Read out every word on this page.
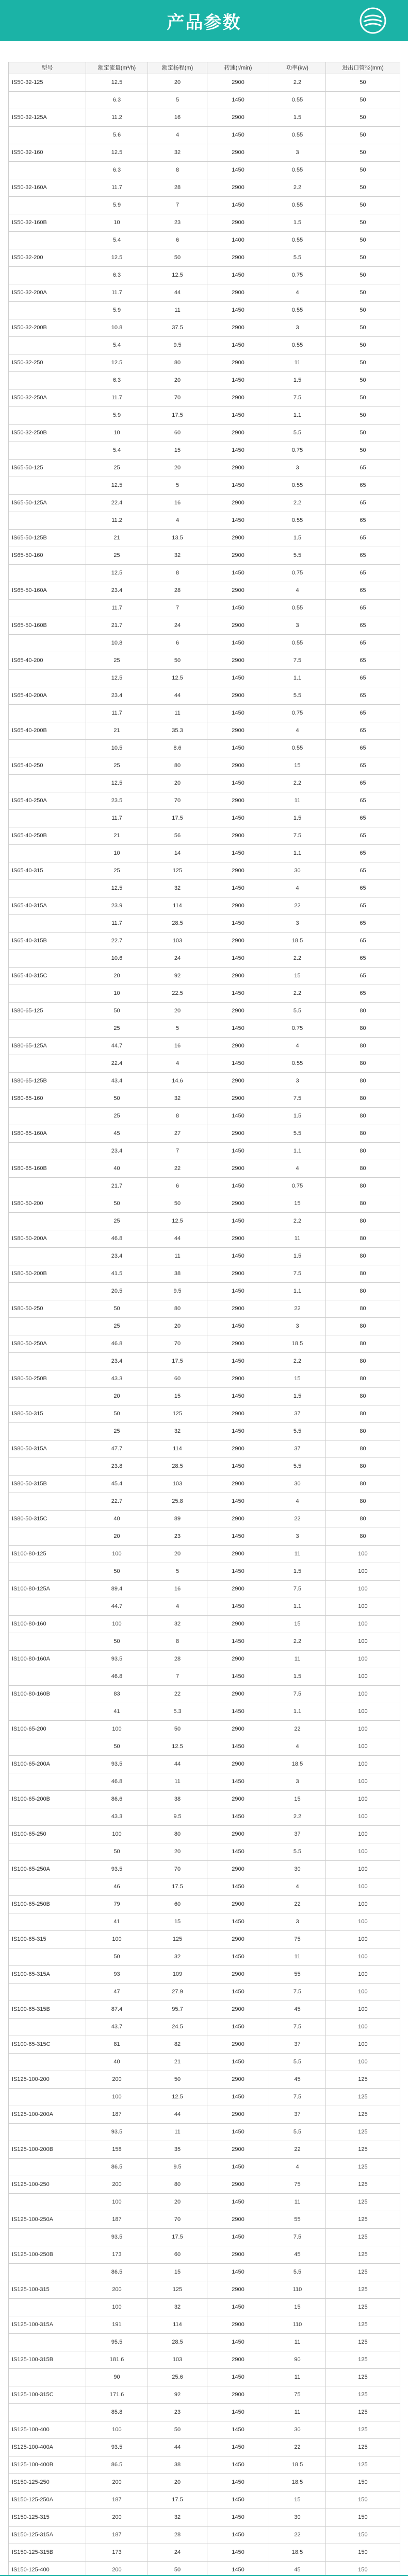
产品参数
型号	额定流量(m³/h)	额定扬程(m)	转速(r/min)	功率(kw)	进出口管径(mm)
IS50-32-125	12.5	20	2900	2.2	50
	6.3	5	1450	0.55	50
IS50-32-125A	11.2	16	2900	1.5	50
	5.6	4	1450	0.55	50
IS50-32-160	12.5	32	2900	3	50
	6.3	8	1450	0.55	50
IS50-32-160A	11.7	28	2900	2.2	50
	5.9	7	1450	0.55	50
IS50-32-160B	10	23	2900	1.5	50
	5.4	6	1400	0.55	50
IS50-32-200	12.5	50	2900	5.5	50
	6.3	12.5	1450	0.75	50
IS50-32-200A	11.7	44	2900	4	50
	5.9	11	1450	0.55	50
IS50-32-200B	10.8	37.5	2900	3	50
	5.4	9.5	1450	0.55	50
IS50-32-250	12.5	80	2900	11	50
	6.3	20	1450	1.5	50
IS50-32-250A	11.7	70	2900	7.5	50
	5.9	17.5	1450	1.1	50
IS50-32-250B	10	60	2900	5.5	50
	5.4	15	1450	0.75	50
IS65-50-125	25	20	2900	3	65
	12.5	5	1450	0.55	65
IS65-50-125A	22.4	16	2900	2.2	65
	11.2	4	1450	0.55	65
IS65-50-125B	21	13.5	2900	1.5	65
IS65-50-160	25	32	2900	5.5	65
	12.5	8	1450	0.75	65
IS65-50-160A	23.4	28	2900	4	65
	11.7	7	1450	0.55	65
IS65-50-160B	21.7	24	2900	3	65
	10.8	6	1450	0.55	65
IS65-40-200	25	50	2900	7.5	65
	12.5	12.5	1450	1.1	65
IS65-40-200A	23.4	44	2900	5.5	65
	11.7	11	1450	0.75	65
IS65-40-200B	21	35.3	2900	4	65
	10.5	8.6	1450	0.55	65
IS65-40-250	25	80	2900	15	65
	12.5	20	1450	2.2	65
IS65-40-250A	23.5	70	2900	11	65
	11.7	17.5	1450	1.5	65
IS65-40-250B	21	56	2900	7.5	65
	10	14	1450	1.1	65
IS65-40-315	25	125	2900	30	65
	12.5	32	1450	4	65
IS65-40-315A	23.9	114	2900	22	65
	11.7	28.5	1450	3	65
IS65-40-315B	22.7	103	2900	18.5	65
	10.6	24	1450	2.2	65
IS65-40-315C	20	92	2900	15	65
	10	22.5	1450	2.2	65
IS80-65-125	50	20	2900	5.5	80
	25	5	1450	0.75	80
IS80-65-125A	44.7	16	2900	4	80
	22.4	4	1450	0.55	80
IS80-65-125B	43.4	14.6	2900	3	80
IS80-65-160	50	32	2900	7.5	80
	25	8	1450	1.5	80
IS80-65-160A	45	27	2900	5.5	80
	23.4	7	1450	1.1	80
IS80-65-160B	40	22	2900	4	80
	21.7	6	1450	0.75	80
IS80-50-200	50	50	2900	15	80
	25	12.5	1450	2.2	80
IS80-50-200A	46.8	44	2900	11	80
	23.4	11	1450	1.5	80
IS80-50-200B	41.5	38	2900	7.5	80
	20.5	9.5	1450	1.1	80
IS80-50-250	50	80	2900	22	80
	25	20	1450	3	80
IS80-50-250A	46.8	70	2900	18.5	80
	23.4	17.5	1450	2.2	80
IS80-50-250B	43.3	60	2900	15	80
	20	15	1450	1.5	80
IS80-50-315	50	125	2900	37	80
	25	32	1450	5.5	80
IS80-50-315A	47.7	114	2900	37	80
	23.8	28.5	1450	5.5	80
IS80-50-315B	45.4	103	2900	30	80
	22.7	25.8	1450	4	80
IS80-50-315C	40	89	2900	22	80
	20	23	1450	3	80
IS100-80-125	100	20	2900	11	100
	50	5	1450	1.5	100
IS100-80-125A	89.4	16	2900	7.5	100
	44.7	4	1450	1.1	100
IS100-80-160	100	32	2900	15	100
	50	8	1450	2.2	100
IS100-80-160A	93.5	28	2900	11	100
	46.8	7	1450	1.5	100
IS100-80-160B	83	22	2900	7.5	100
	41	5.3	1450	1.1	100
IS100-65-200	100	50	2900	22	100
	50	12.5	1450	4	100
IS100-65-200A	93.5	44	2900	18.5	100
	46.8	11	1450	3	100
IS100-65-200B	86.6	38	2900	15	100
	43.3	9.5	1450	2.2	100
IS100-65-250	100	80	2900	37	100
	50	20	1450	5.5	100
IS100-65-250A	93.5	70	2900	30	100
	46	17.5	1450	4	100
IS100-65-250B	79	60	2900	22	100
	41	15	1450	3	100
IS100-65-315	100	125	2900	75	100
	50	32	1450	11	100
IS100-65-315A	93	109	2900	55	100
	47	27.9	1450	7.5	100
IS100-65-315B	87.4	95.7	2900	45	100
	43.7	24.5	1450	7.5	100
IS100-65-315C	81	82	2900	37	100
	40	21	1450	5.5	100
IS125-100-200	200	50	2900	45	125
	100	12.5	1450	7.5	125
IS125-100-200A	187	44	2900	37	125
	93.5	11	1450	5.5	125
IS125-100-200B	158	35	2900	22	125
	86.5	9.5	1450	4	125
IS125-100-250	200	80	2900	75	125
	100	20	1450	11	125
IS125-100-250A	187	70	2900	55	125
	93.5	17.5	1450	7.5	125
IS125-100-250B	173	60	2900	45	125
	86.5	15	1450	5.5	125
IS125-100-315	200	125	2900	110	125
	100	32	1450	15	125
IS125-100-315A	191	114	2900	110	125
	95.5	28.5	1450	11	125
IS125-100-315B	181.6	103	2900	90	125
	90	25.6	1450	11	125
IS125-100-315C	171.6	92	2900	75	125
	85.8	23	1450	11	125
IS125-100-400	100	50	1450	30	125
IS125-100-400A	93.5	44	1450	22	125
IS125-100-400B	86.5	38	1450	18.5	125
IS150-125-250	200	20	1450	18.5	150
IS150-125-250A	187	17.5	1450	15	150
IS150-125-315	200	32	1450	30	150
IS150-125-315A	187	28	1450	22	150
IS150-125-315B	173	24	1450	18.5	150
IS150-125-400	200	50	1450	45	150
